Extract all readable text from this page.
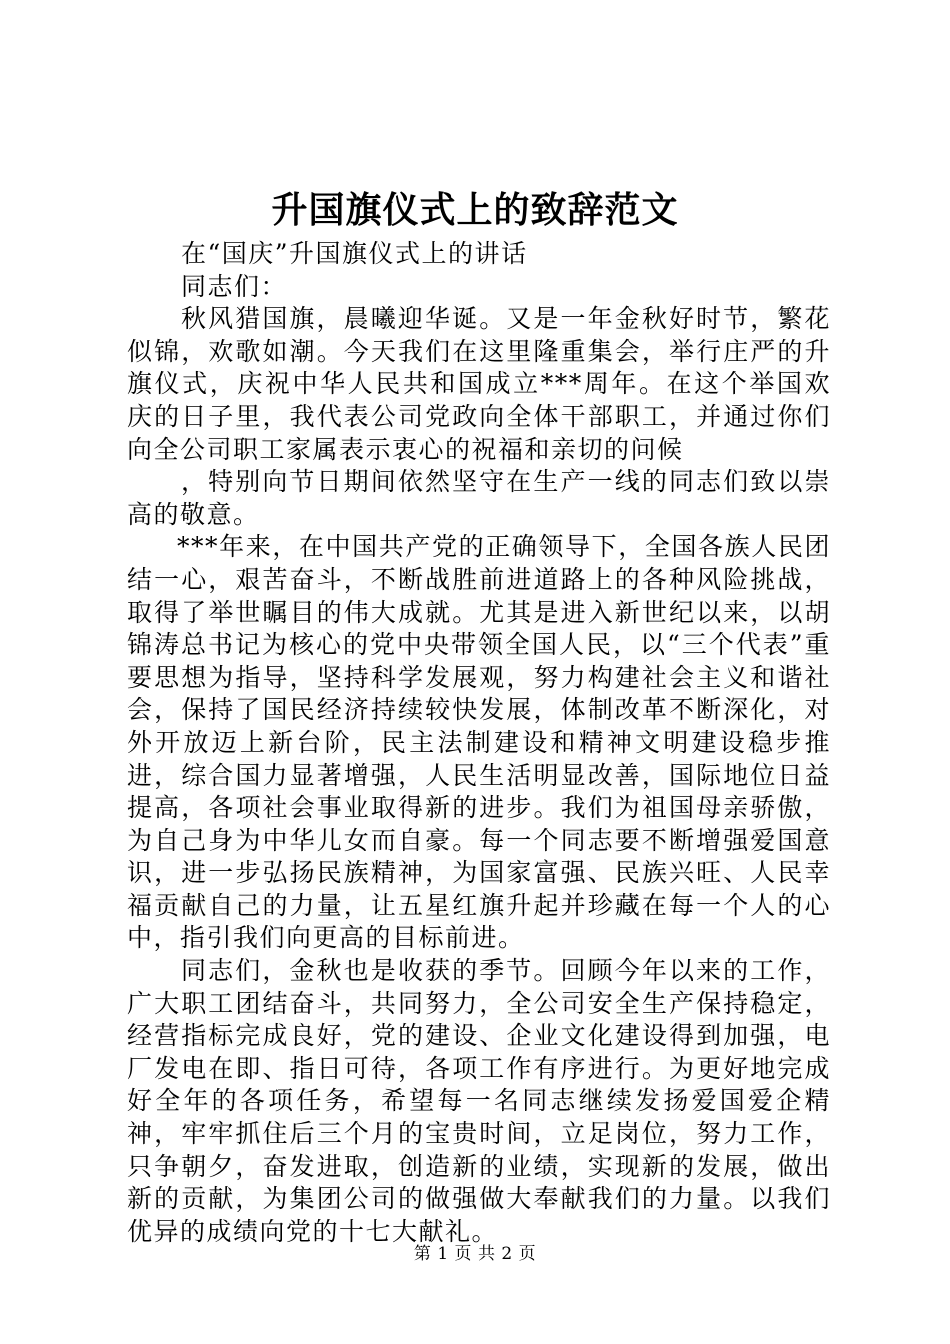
升国旗仪式上的致辞范文

在“国庆”升国旗仪式上的讲话

同志们：

秋风猎国旗，晨曦迎华诞。又是一年金秋好时节，繁花似锦，欢歌如潮。今天我们在这里隆重集会，举行庄严的升旗仪式，庆祝中华人民共和国成立***周年。在这个举国欢庆的日子里，我代表公司党政向全体干部职工，并通过你们向全公司职工家属表示衷心的祝福和亲切的问候

，特别向节日期间依然坚守在生产一线的同志们致以崇高的敬意。

***年来，在中国共产党的正确领导下，全国各族人民团结一心，艰苦奋斗，不断战胜前进道路上的各种风险挑战，取得了举世瞩目的伟大成就。尤其是进入新世纪以来，以胡锦涛总书记为核心的党中央带领全国人民，以“三个代表”重要思想为指导，坚持科学发展观，努力构建社会主义和谐社会，保持了国民经济持续较快发展，体制改革不断深化，对外开放迈上新台阶，民主法制建设和精神文明建设稳步推进，综合国力显著增强，人民生活明显改善，国际地位日益提高，各项社会事业取得新的进步。我们为祖国母亲骄傲，为自己身为中华儿女而自豪。每一个同志要不断增强爱国意识，进一步弘扬民族精神，为国家富强、民族兴旺、人民幸福贡献自己的力量，让五星红旗升起并珍藏在每一个人的心中，指引我们向更高的目标前进。

同志们，金秋也是收获的季节。回顾今年以来的工作，广大职工团结奋斗，共同努力，全公司安全生产保持稳定，经营指标完成良好，党的建设、企业文化建设得到加强，电厂发电在即、指日可待，各项工作有序进行。为更好地完成好全年的各项任务，希望每一名同志继续发扬爱国爱企精神，牢牢抓住后三个月的宝贵时间，立足岗位，努力工作，只争朝夕，奋发进取，创造新的业绩，实现新的发展，做出新的贡献，为集团公司的做强做大奉献我们的力量。以我们优异的成绩向党的十七大献礼。

第 1 页 共 2 页
